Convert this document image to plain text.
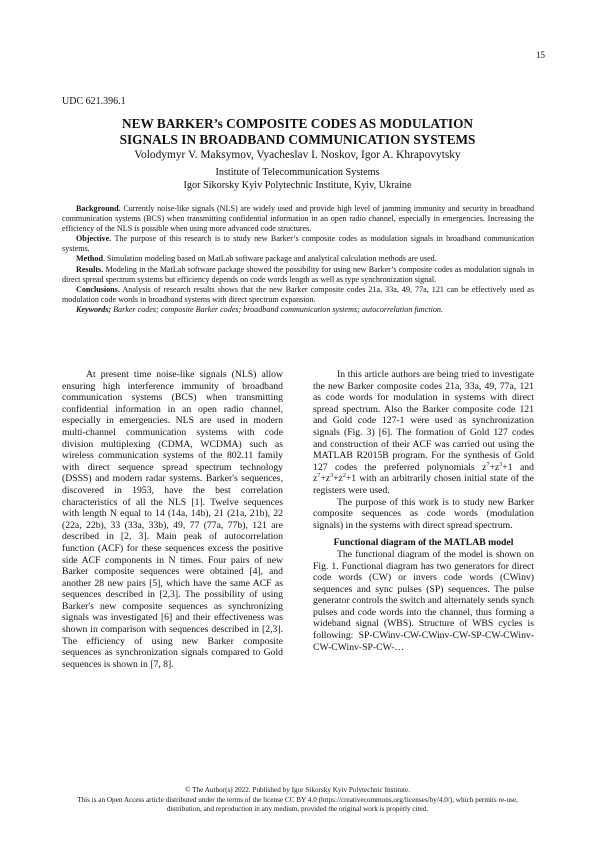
15
UDC 621.396.1
NEW BARKER’s COMPOSITE CODES AS MODULATION
SIGNALS IN BROADBAND COMMUNICATION SYSTEMS
Volodymyr V. Maksymov, Vyacheslav I. Noskov, Igor A. Khrapovytsky
Institute of Telecommunication Systems
Igor Sikorsky Kyiv Polytechnic Institute, Kyiv, Ukraine

Background. Currently noise-like signals (NLS) are widely used and provide high level of jamming immunity and security in broadband communication systems (BCS) when transmitting confidential information in an open radio channel, especially in emergencies. Increasing the efficiency of the NLS is possible when using more advanced code structures.

Objective. The purpose of this research is to study new Barker’s composite codes as modulation signals in broadband communication systems.

Method. Simulation modeling based on MatLab software package and analytical calculation methods are used.

Results. Modeling in the MatLab software package showed the possibility for using new Barker’s composite codes as modulation signals in direct spread spectrum systems but efficiency depends on code words length as well as type synchronization signal.

Conclusions. Analysis of research results shows that the new Barker composite codes 21a, 33a, 49, 77a, 121 can be effectively used as modulation code words in broadband systems with direct spectrum expansion.

Keywords; Barker codes; composite Barker codes; broadband communication systems; autocorrelation function.

At present time noise-like signals (NLS) allow ensuring high interference immunity of broadband communication systems (BCS) when transmitting confidential information in an open radio channel, especially in emergencies. NLS are used in modern multi-channel communication systems with code division multiplexing (CDMA, WCDMA) such as wireless communication systems of the 802.11 family with direct sequence spread spectrum technology (DSSS) and modern radar systems. Barker's sequences, discovered in 1953, have the best correlation characteristics of all the NLS [1]. Twelve sequences with length N equal to 14 (14a, 14b), 21 (21a, 21b), 22 (22a, 22b), 33 (33a, 33b), 49, 77 (77a, 77b), 121 are described in [2, 3]. Main peak of autocorrelation function (ACF) for these sequences excess the positive side ACF components in N times. Four pairs of new Barker composite sequences were obtained [4], and another 28 new pairs [5], which have the same ACF as sequences described in [2,3]. The possibility of using Barker's new composite sequences as synchronizing signals was investigated [6] and their effectiveness was shown in comparison with sequences described in [2,3]. The efficiency of using new Barker composite sequences as synchronization signals compared to Gold sequences is shown in [7, 8].

In this article authors are being tried to investigate the new Barker composite codes 21a, 33a, 49, 77a, 121 as code words for modulation in systems with direct spread spectrum. Also the Barker composite code 121 and Gold code 127-1 were used as synchronization signals (Fig. 3) [6]. The formation of Gold 127 codes and construction of their ACF was carried out using the MATLAB R2015B program. For the synthesis of Gold 127 codes the preferred polynomials $z^7+z^3+1$ and $z^7+z^3+z^2+1$ with an arbitrarily chosen initial state of the registers were used.

The purpose of this work is to study new Barker composite sequences as code words (modulation signals) in the systems with direct spread spectrum.

Functional diagram of the MATLAB model

The functional diagram of the model is shown on Fig. 1. Functional diagram has two generators for direct code words (CW) or invers code words (CWinv) sequences and sync pulses (SP) sequences. The pulse generator controls the switch and alternately sends synch pulses and code words into the channel, thus forming a wideband signal (WBS). Structure of WBS cycles is following: SP-CWinv-CW-CWinv-CW-SP-CW-CWinv-CW-CWinv-SP-CW-…

© The Author(s) 2022. Published by Igor Sikorsky Kyiv Polytechnic Institute.
This is an Open Access article distributed under the terms of the license CC BY 4.0 (https://creativecommons.org/licenses/by/4.0/), which permits re-use,
distribution, and reproduction in any medium, provided the original work is properly cited.
